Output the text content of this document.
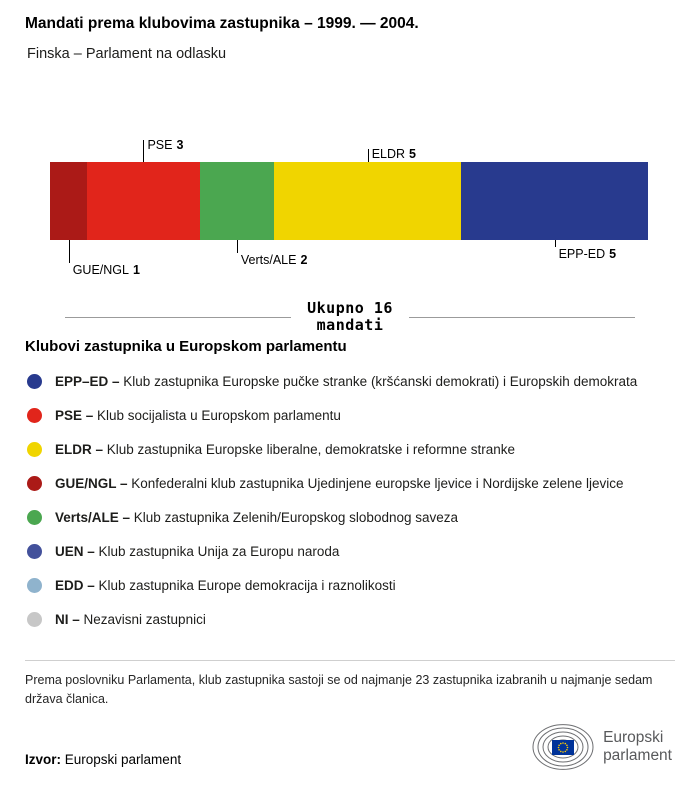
Mandati prema klubovima zastupnika – 1999. — 2004.
Finska – Parlament na odlasku
GUE/NGL 1
PSE 3
Verts/ALE 2
ELDR 5
EPP-ED 5
Ukupno 16
mandati
Klubovi zastupnika u Europskom parlamentu
EPP–ED – Klub zastupnika Europske pučke stranke (kršćanski demokrati) i Europskih demokrata
PSE – Klub socijalista u Europskom parlamentu
ELDR – Klub zastupnika Europske liberalne, demokratske i reformne stranke
GUE/NGL – Konfederalni klub zastupnika Ujedinjene europske ljevice i Nordijske zelene ljevice
Verts/ALE – Klub zastupnika Zelenih/Europskog slobodnog saveza
UEN – Klub zastupnika Unija za Europu naroda
EDD – Klub zastupnika Europe demokracija i raznolikosti
NI – Nezavisni zastupnici

Prema poslovniku Parlamenta, klub zastupnika sastoji se od najmanje 23 zastupnika izabranih u najmanje sedam država članica.

Izvor: Europski parlament

Europski
parlament
